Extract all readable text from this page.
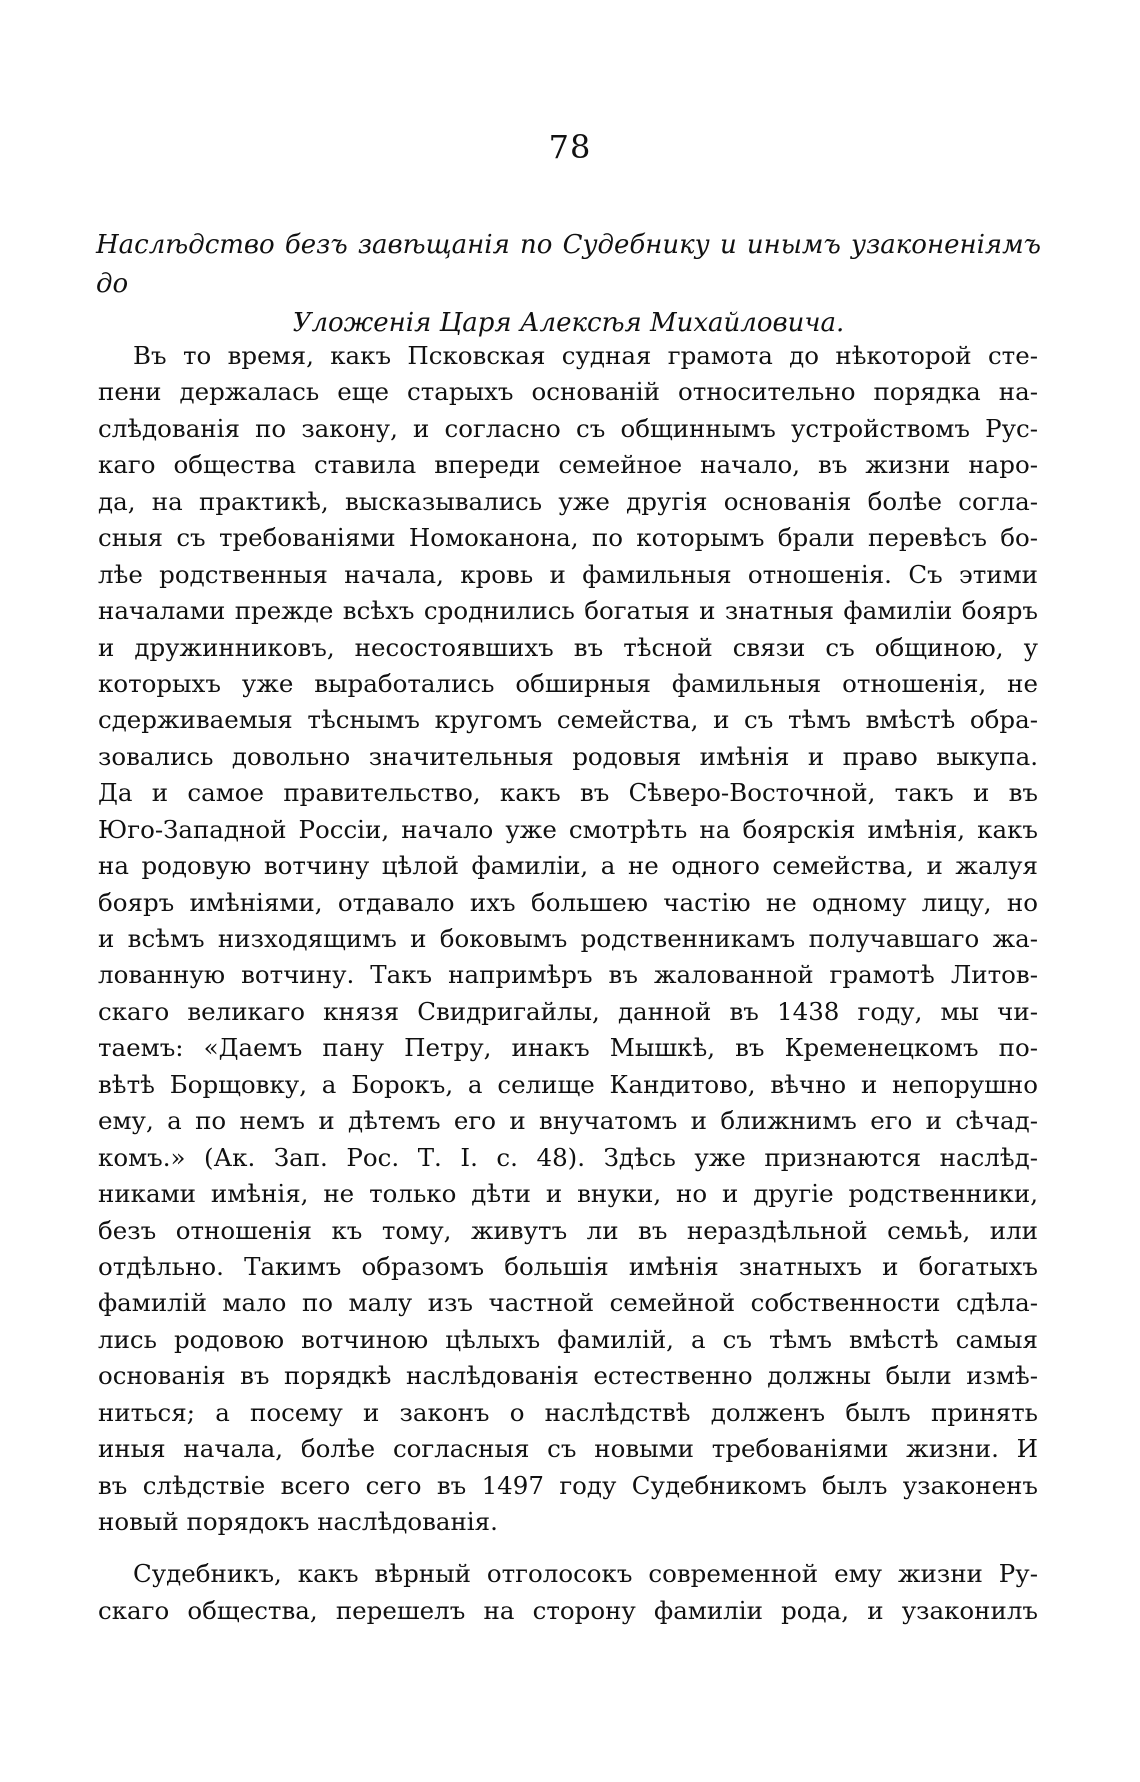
78
Наслѣдство безъ завѣщанія по Судебнику и инымъ узаконеніямъ до
Уложенія Царя Алексѣя Михайловича.
Въ то время, какъ Псковская судная грамота до нѣкоторой сте-
пени держалась еще старыхъ основаній относительно порядка на-
слѣдованія по закону, и согласно съ общиннымъ устройствомъ Рус-
каго общества ставила впереди семейное начало, въ жизни наро-
да, на практикѣ, высказывались уже другія основанія болѣе согла-
сныя съ требованіями Номоканона, по которымъ брали перевѣсъ бо-
лѣе родственныя начала, кровь и фамильныя отношенія. Съ этими
началами прежде всѣхъ сроднились богатыя и знатныя фамиліи бояръ
и дружинниковъ, несостоявшихъ въ тѣсной связи съ общиною, у
которыхъ уже выработались обширныя фамильныя отношенія, не
сдерживаемыя тѣснымъ кругомъ семейства, и съ тѣмъ вмѣстѣ обра-
зовались довольно значительныя родовыя имѣнія и право выкупа.
Да и самое правительство, какъ въ Сѣверо-Восточной, такъ и въ
Юго-Западной Россіи, начало уже смотрѣть на боярскія имѣнія, какъ
на родовую вотчину цѣлой фамиліи, а не одного семейства, и жалуя
бояръ имѣніями, отдавало ихъ большею частію не одному лицу, но
и всѣмъ низходящимъ и боковымъ родственникамъ получавшаго жа-
лованную вотчину. Такъ напримѣръ въ жалованной грамотѣ Литов-
скаго великаго князя Свидригайлы, данной въ 1438 году, мы чи-
таемъ: «Даемъ пану Петру, инакъ Мышкѣ, въ Кременецкомъ по-
вѣтѣ Борщовку, а Борокъ, а селище Кандитово, вѣчно и непорушно
ему, а по немъ и дѣтемъ его и внучатомъ и ближнимъ его и сѣчад-
комъ.» (Ак. Зап. Рос. Т. I. с. 48). Здѣсь уже признаются наслѣд-
никами имѣнія, не только дѣти и внуки, но и другіе родственники,
безъ отношенія къ тому, живутъ ли въ нераздѣльной семьѣ, или
отдѣльно. Такимъ образомъ большія имѣнія знатныхъ и богатыхъ
фамилій мало по малу изъ частной семейной собственности сдѣла-
лись родовою вотчиною цѣлыхъ фамилій, а съ тѣмъ вмѣстѣ самыя
основанія въ порядкѣ наслѣдованія естественно должны были измѣ-
ниться; а посему и законъ о наслѣдствѣ долженъ былъ принять
иныя начала, болѣе согласныя съ новыми требованіями жизни. И
въ слѣдствіе всего сего въ 1497 году Судебникомъ былъ узаконенъ
новый порядокъ наслѣдованія.
Судебникъ, какъ вѣрный отголосокъ современной ему жизни Ру-
скаго общества, перешелъ на сторону фамиліи рода, и узаконилъ
